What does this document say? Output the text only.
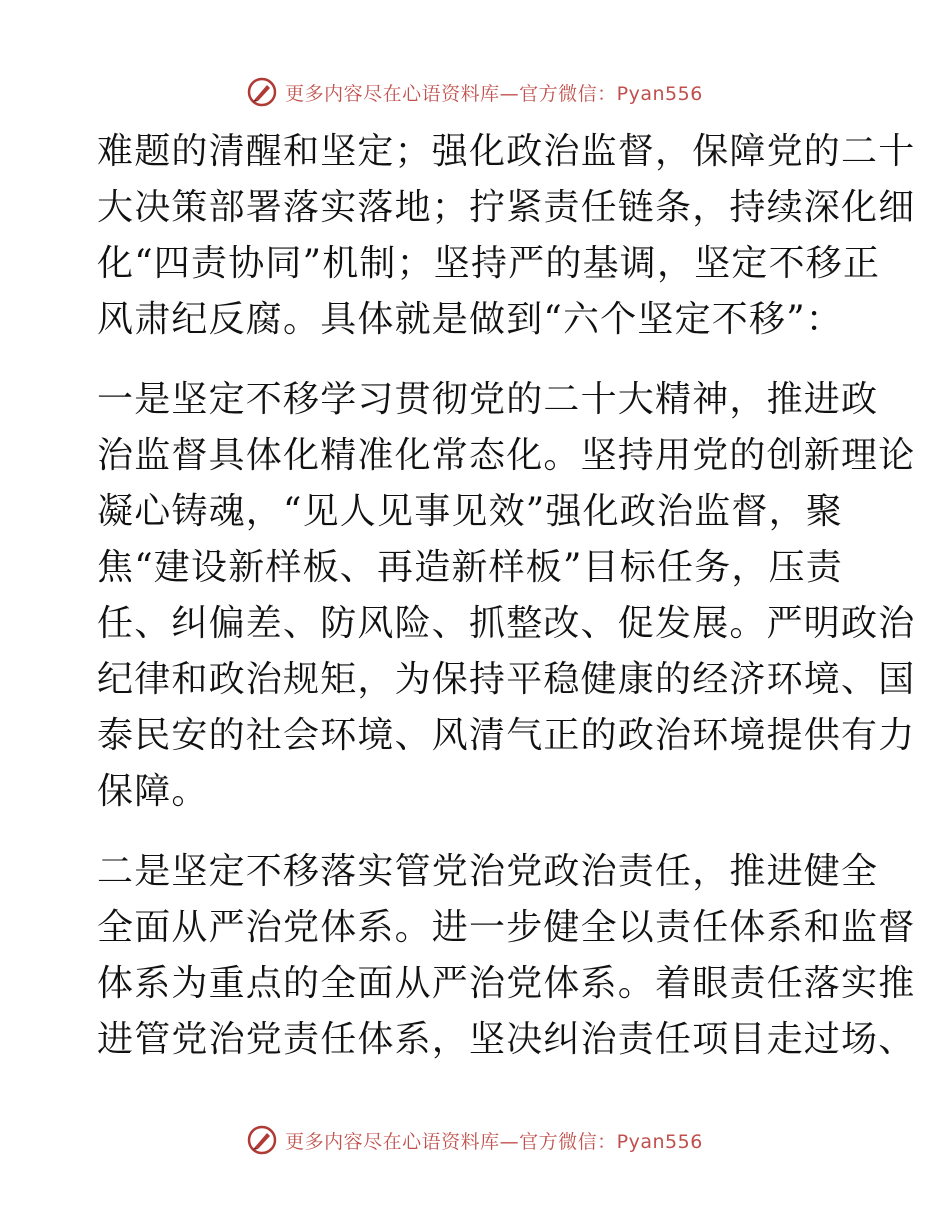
更多内容尽在心语资料库—官方微信：Pyan556
难题的清醒和坚定；强化政治监督，保障党的二十
大决策部署落实落地；拧紧责任链条，持续深化细
化“四责协同”机制；坚持严的基调，坚定不移正
风肃纪反腐。具体就是做到“六个坚定不移”：
一是坚定不移学习贯彻党的二十大精神，推进政
治监督具体化精准化常态化。坚持用党的创新理论
凝心铸魂，“见人见事见效”强化政治监督，聚
焦“建设新样板、再造新样板”目标任务，压责
任、纠偏差、防风险、抓整改、促发展。严明政治
纪律和政治规矩，为保持平稳健康的经济环境、国
泰民安的社会环境、风清气正的政治环境提供有力
保障。
二是坚定不移落实管党治党政治责任，推进健全
全面从严治党体系。进一步健全以责任体系和监督
体系为重点的全面从严治党体系。着眼责任落实推
进管党治党责任体系，坚决纠治责任项目走过场、
更多内容尽在心语资料库—官方微信：Pyan556
